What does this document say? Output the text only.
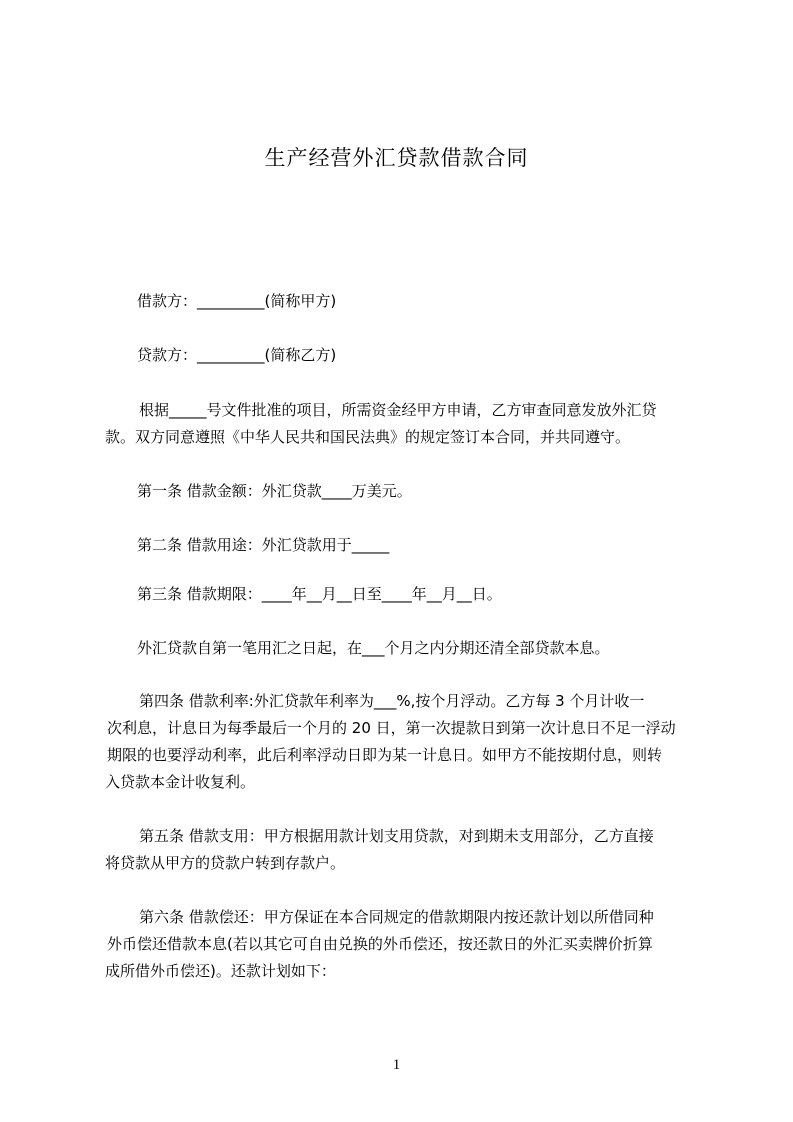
生产经营外汇贷款借款合同
借款方：_________(简称甲方)
贷款方：_________(简称乙方)
根据_____号文件批准的项目，所需资金经甲方申请，乙方审查同意发放外汇贷
款。双方同意遵照《中华人民共和国民法典》的规定签订本合同，并共同遵守。
第一条 借款金额：外汇贷款____万美元。
第二条 借款用途：外汇贷款用于_____
第三条 借款期限：____年__月__日至____年__月__日。
外汇贷款自第一笔用汇之日起，在___个月之内分期还清全部贷款本息。
第四条 借款利率:外汇贷款年利率为___%,按个月浮动。乙方每 3 个月计收一
次利息，计息日为每季最后一个月的 20 日，第一次提款日到第一次计息日不足一浮动
期限的也要浮动利率，此后利率浮动日即为某一计息日。如甲方不能按期付息，则转
入贷款本金计收复利。
第五条 借款支用：甲方根据用款计划支用贷款，对到期未支用部分，乙方直接
将贷款从甲方的贷款户转到存款户。
第六条 借款偿还：甲方保证在本合同规定的借款期限内按还款计划以所借同种
外币偿还借款本息(若以其它可自由兑换的外币偿还，按还款日的外汇买卖牌价折算
成所借外币偿还)。还款计划如下：
1
